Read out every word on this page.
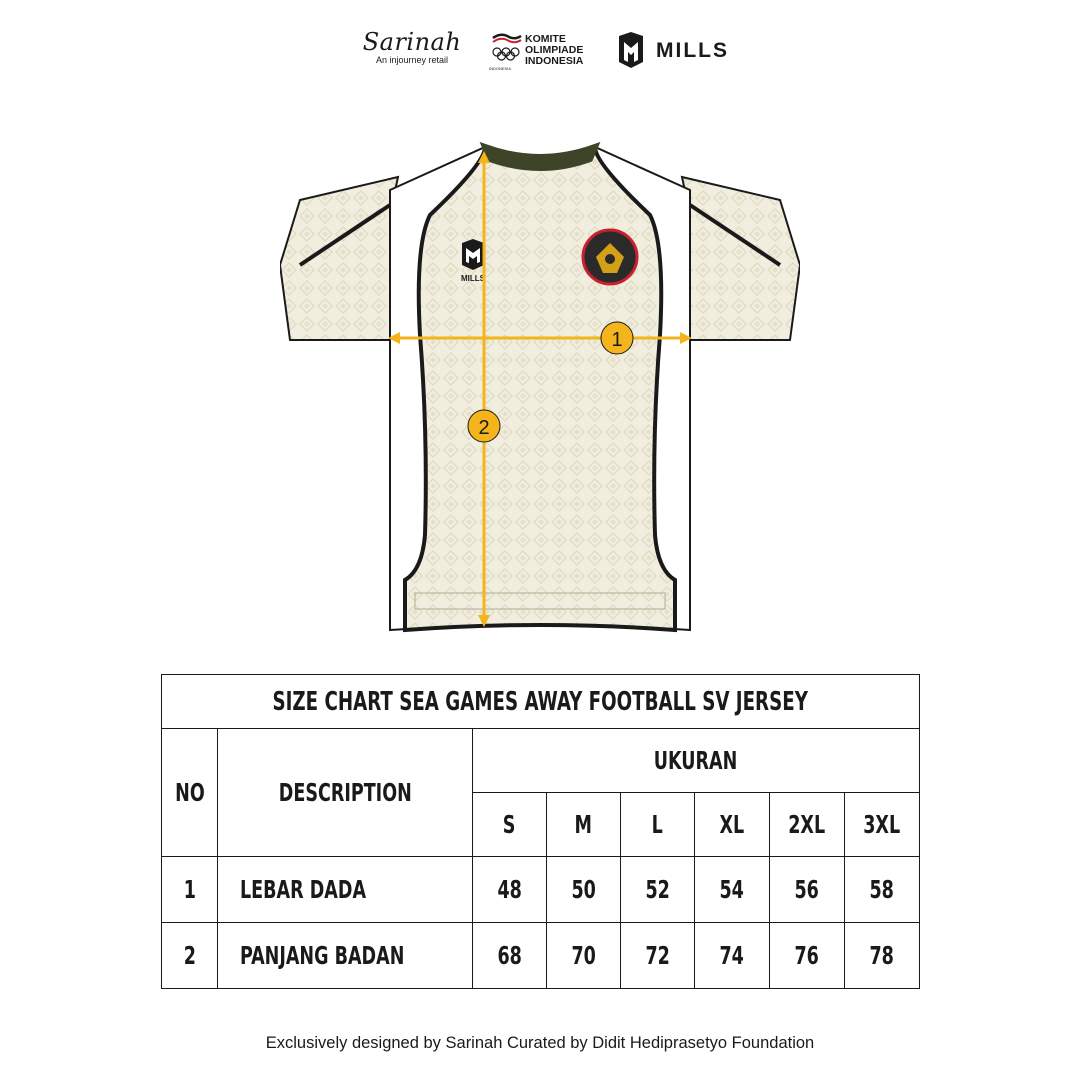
Sarinah
An injourney retail
KOMITE
OLIMPIADE
INDONESIA
INDONESIA
MILLS
MILLS
1
2
SIZE CHART SEA GAMES AWAY FOOTBALL SV JERSEY							
NO	DESCRIPTION	UKURAN					
		S	M	L	XL	2XL	3XL
1	LEBAR DADA	48	50	52	54	56	58
2	PANJANG BADAN	68	70	72	74	76	78
Exclusively designed by Sarinah Curated by Didit Hediprasetyo Foundation
